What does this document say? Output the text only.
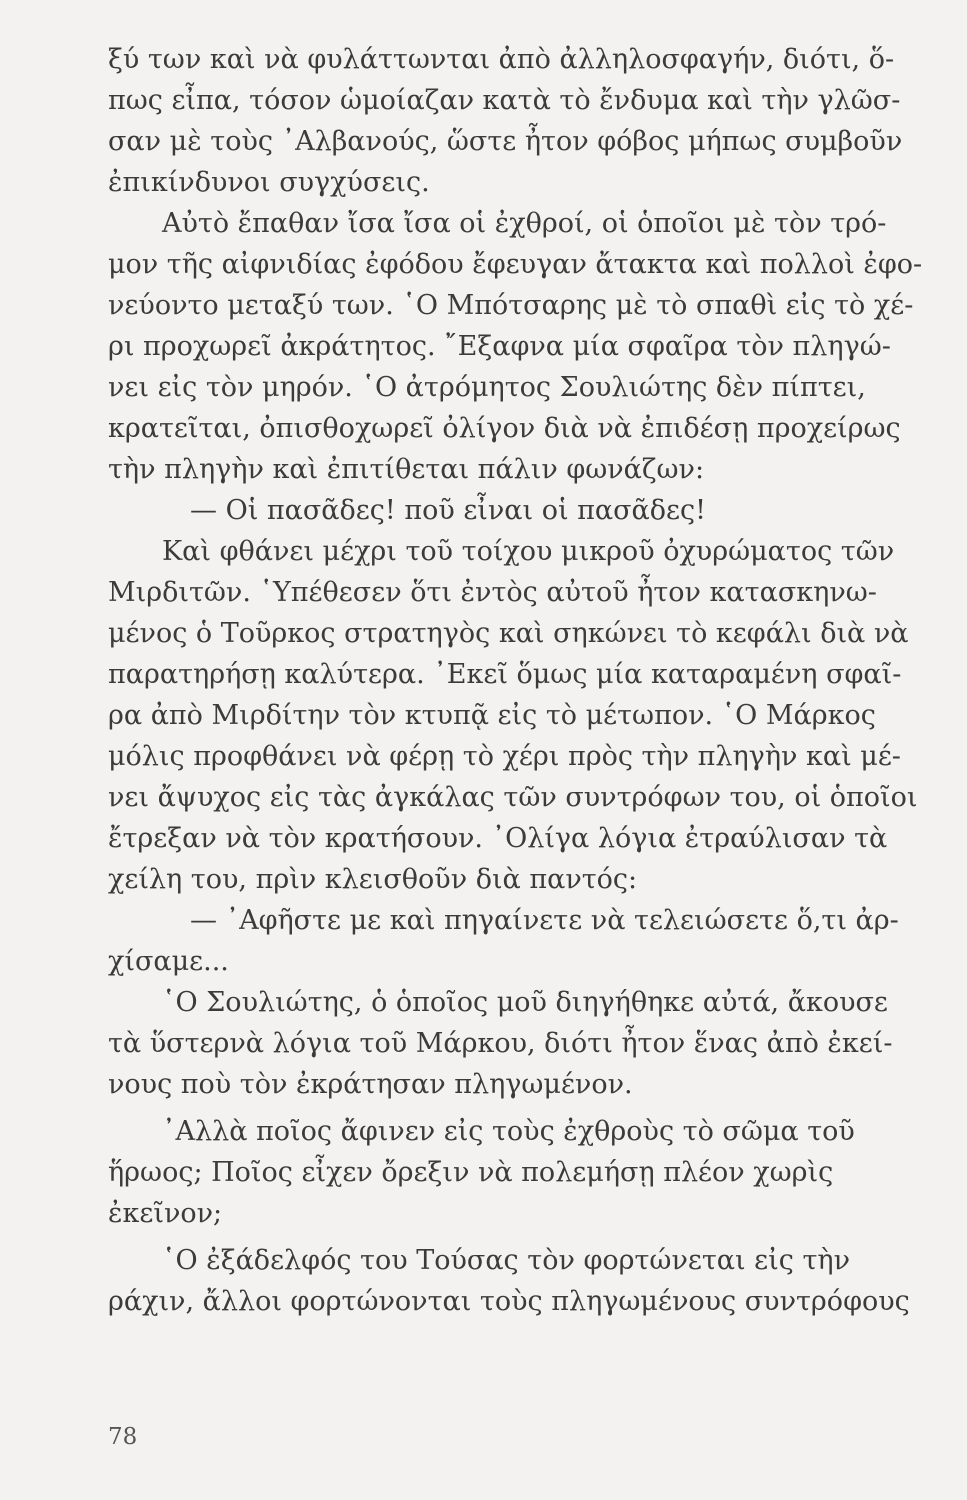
ξύ των καὶ νὰ φυλάττωνται ἀπὸ ἀλληλοσφαγήν, διότι, ὅ-
πως εἶπα, τόσον ὡμοίαζαν κατὰ τὸ ἔνδυμα καὶ τὴν γλῶσ-
σαν μὲ τοὺς ᾿Αλβανούς, ὥστε ἦτον φόβος μήπως συμβοῦν
ἐπικίνδυνοι συγχύσεις.
Αὐτὸ ἔπαθαν ἴσα ἴσα οἱ ἐχθροί, οἱ ὁποῖοι μὲ τὸν τρό-
μον τῆς αἰφνιδίας ἐφόδου ἔφευγαν ἄτακτα καὶ πολλοὶ ἐφο-
νεύοντο μεταξύ των. ῾Ο Μπότσαρης μὲ τὸ σπαθὶ εἰς τὸ χέ-
ρι προχωρεῖ ἀκράτητος. ῎Εξαφνα μία σφαῖρα τὸν πληγώ-
νει εἰς τὸν μηρόν. ῾Ο ἀτρόμητος Σουλιώτης δὲν πίπτει,
κρατεῖται, ὀπισθοχωρεῖ ὀλίγον διὰ νὰ ἐπιδέσῃ προχείρως
τὴν πληγὴν καὶ ἐπιτίθεται πάλιν φωνάζων:
— Οἱ πασᾶδες! ποῦ εἶναι οἱ πασᾶδες!
Καὶ φθάνει μέχρι τοῦ τοίχου μικροῦ ὀχυρώματος τῶν
Μιρδιτῶν. ῾Υπέθεσεν ὅτι ἐντὸς αὐτοῦ ἦτον κατασκηνω-
μένος ὁ Τοῦρκος στρατηγὸς καὶ σηκώνει τὸ κεφάλι διὰ νὰ
παρατηρήσῃ καλύτερα. ᾿Εκεῖ ὅμως μία καταραμένη σφαῖ-
ρα ἀπὸ Μιρδίτην τὸν κτυπᾷ εἰς τὸ μέτωπον. ῾Ο Μάρκος
μόλις προφθάνει νὰ φέρῃ τὸ χέρι πρὸς τὴν πληγὴν καὶ μέ-
νει ἄψυχος εἰς τὰς ἀγκάλας τῶν συντρόφων του, οἱ ὁποῖοι
ἔτρεξαν νὰ τὸν κρατήσουν. ᾿Ολίγα λόγια ἐτραύλισαν τὰ
χείλη του, πρὶν κλεισθοῦν διὰ παντός:
— ᾿Αφῆστε με καὶ πηγαίνετε νὰ τελειώσετε ὅ,τι ἀρ-
χίσαμε...
῾Ο Σουλιώτης, ὁ ὁποῖος μοῦ διηγήθηκε αὐτά, ἄκουσε
τὰ ὕστερνὰ λόγια τοῦ Μάρκου, διότι ἦτον ἕνας ἀπὸ ἐκεί-
νους ποὺ τὸν ἐκράτησαν πληγωμένον.
᾿Αλλὰ ποῖος ἄφινεν εἰς τοὺς ἐχθροὺς τὸ σῶμα τοῦ
ἥρωος; Ποῖος εἶχεν ὄρεξιν νὰ πολεμήσῃ πλέον χωρὶς
ἐκεῖνον;
῾Ο ἐξάδελφός του Τούσας τὸν φορτώνεται εἰς τὴν
ράχιν, ἄλλοι φορτώνονται τοὺς πληγωμένους συντρόφους
78
